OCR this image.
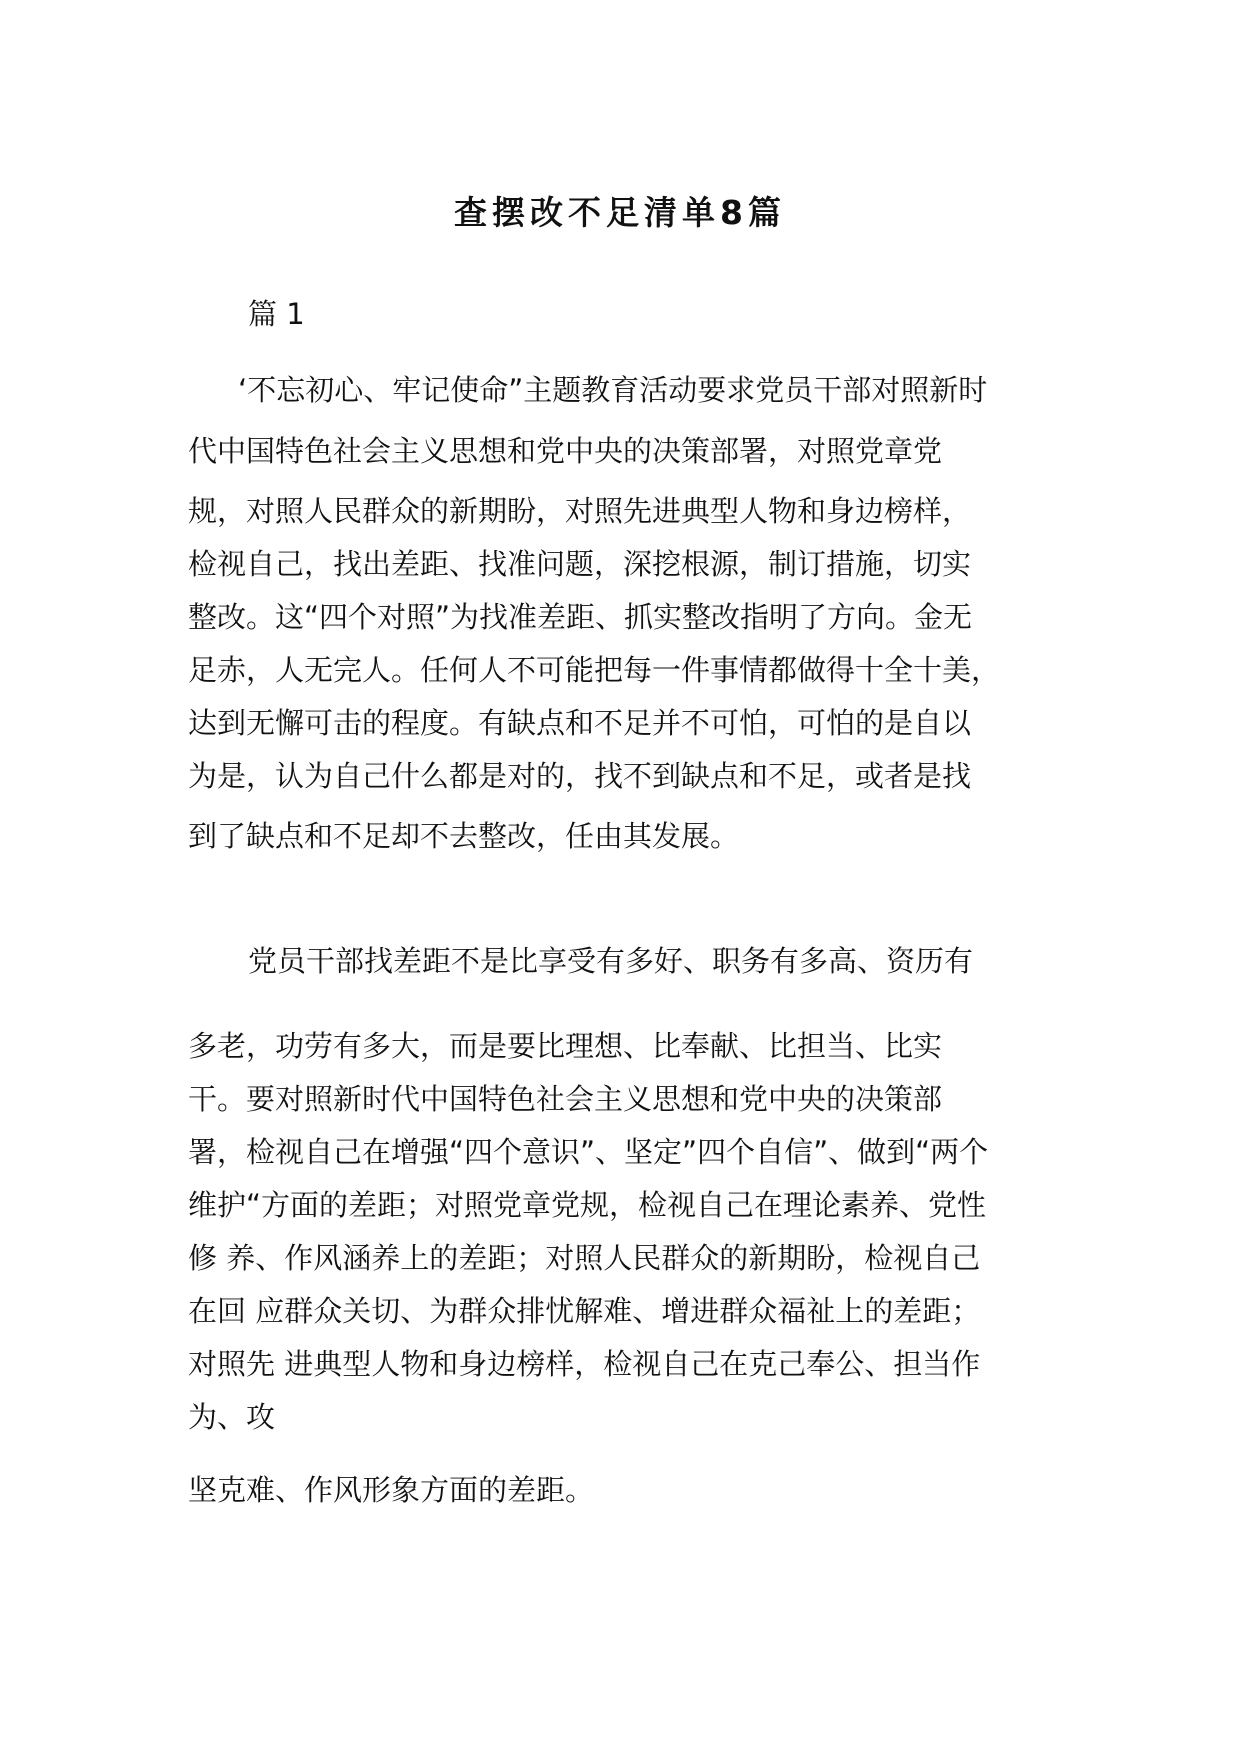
查摆改不足清单8篇

篇 1

‘不忘初心、牢记使命”主题教育活动要求党员干部对照新时

代中国特色社会主义思想和党中央的决策部署，对照党章党

规，对照人民群众的新期盼，对照先进典型人物和身边榜样，

检视自己，找出差距、找准问题，深挖根源，制订措施，切实

整改。这“四个对照”为找准差距、抓实整改指明了方向。金无

足赤，人无完人。任何人不可能把每一件事情都做得十全十美，

达到无懈可击的程度。有缺点和不足并不可怕，可怕的是自以

为是，认为自己什么都是对的，找不到缺点和不足，或者是找

到了缺点和不足却不去整改，任由其发展。

党员干部找差距不是比享受有多好、职务有多高、资历有

多老，功劳有多大，而是要比理想、比奉献、比担当、比实

干。要对照新时代中国特色社会主义思想和党中央的决策部

署，检视自己在增强“四个意识”、坚定”四个自信”、做到“两个

维护“方面的差距；对照党章党规，检视自己在理论素养、党性

修 养、作风涵养上的差距；对照人民群众的新期盼，检视自己

在回 应群众关切、为群众排忧解难、增进群众福祉上的差距；

对照先 进典型人物和身边榜样，检视自己在克己奉公、担当作

为、攻

坚克难、作风形象方面的差距。
